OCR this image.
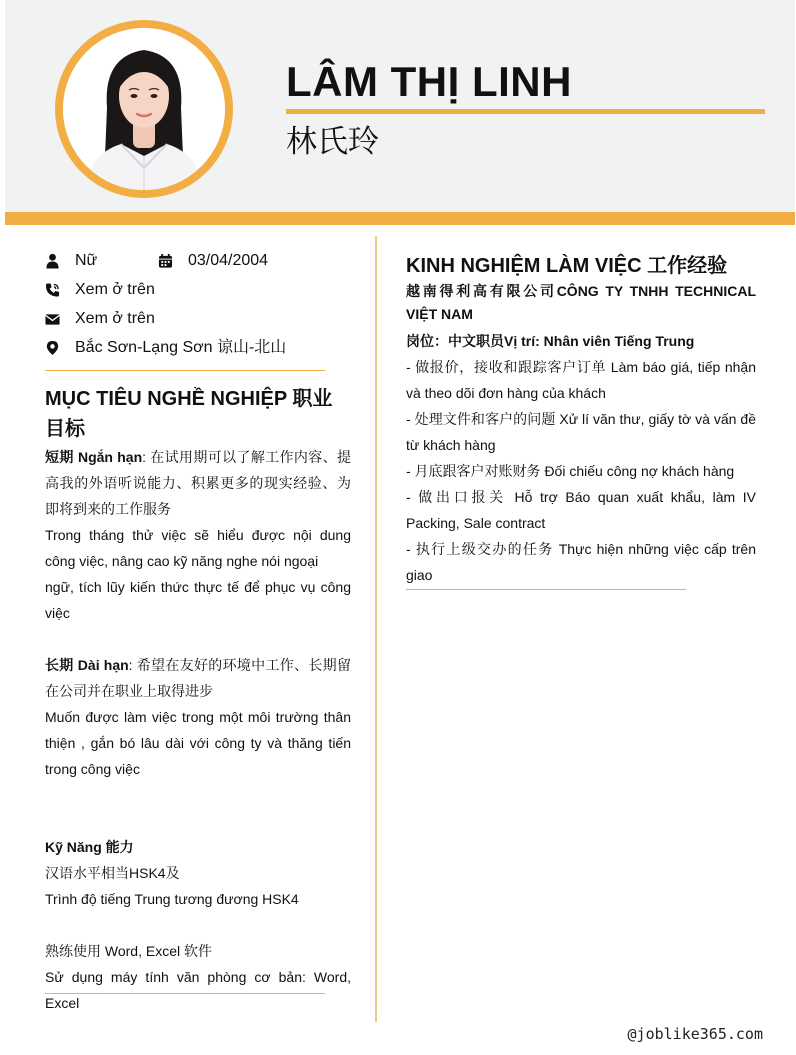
LÂM THỊ LINH
林氏玲
Nữ	03/04/2004
Xem ở trên
Xem ở trên
Bắc Sơn-Lạng Sơn 谅山-北山
MỤC TIÊU NGHỀ NGHIỆP 职业目标

短期 Ngắn hạn: 在试用期可以了解工作内容、提高我的外语听说能力、积累更多的现实经验、为即将到来的工作服务

Trong tháng thử việc sẽ hiểu được nội dung công việc, nâng cao kỹ năng nghe nói ngoại

ngữ, tích lũy kiến thức thực tế để phục vụ công việc

长期 Dài hạn: 希望在友好的环境中工作、长期留在公司并在职业上取得进步

Muốn được làm việc trong một môi trường thân thiện , gắn bó lâu dài với công ty và thăng tiến trong công việc

Kỹ Năng 能力

汉语水平相当HSK4及

Trình độ tiếng Trung tương đương HSK4

熟练使用 Word, Excel 软件

Sử dụng máy tính văn phòng cơ bản: Word, Excel

KINH NGHIỆM LÀM VIỆC 工作经验

越南得利高有限公司CÔNG TY TNHH TECHNICAL VIỆT NAM

岗位：中文职员Vị trí: Nhân viên Tiếng Trung

- 做报价，接收和跟踪客户订单 Làm báo giá, tiếp nhận và theo dõi đơn hàng của khách

- 处理文件和客户的问题 Xử lí văn thư, giấy tờ và vấn đề từ khách hàng

- 月底跟客户对账财务 Đối chiếu công nợ khách hàng

- 做出口报关 Hỗ trợ Báo quan xuất khẩu, làm IV Packing, Sale contract

- 执行上级交办的任务 Thực hiện những việc cấp trên giao

@joblike365.com
